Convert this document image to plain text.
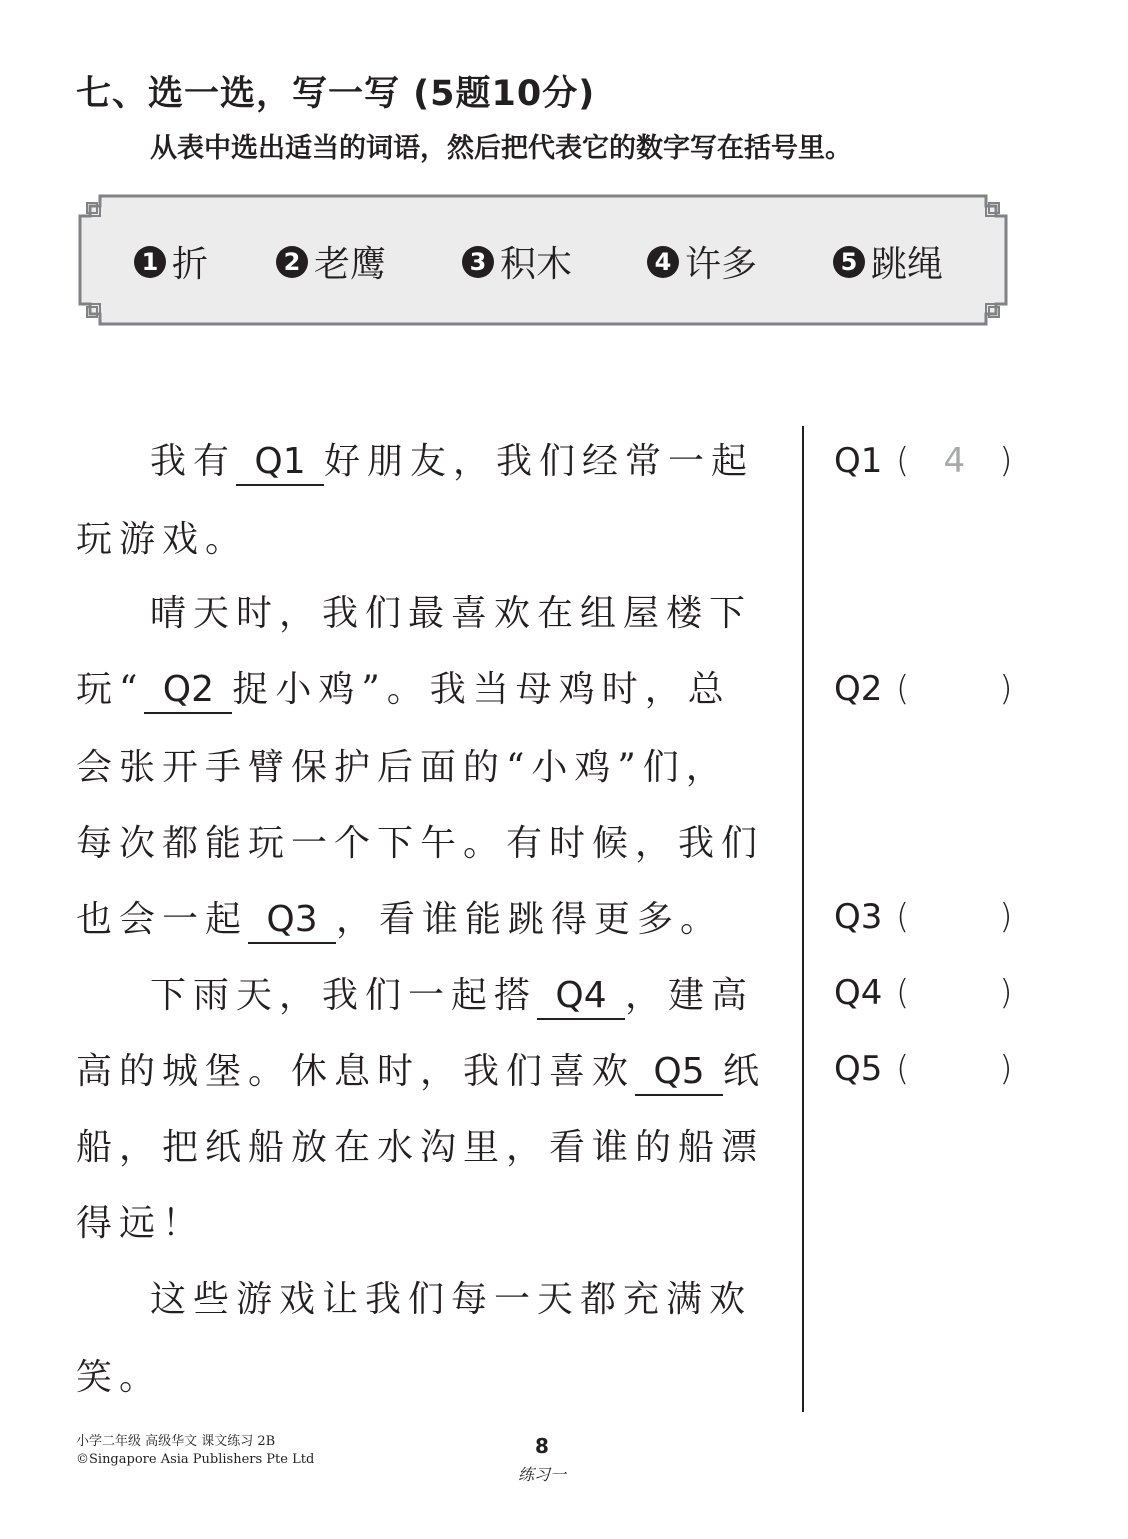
七、选一选，写一写 (5题10分)
从表中选出适当的词语，然后把代表它的数字写在括号里。
1 折	2 老鹰	3 积木	4 许多	5 跳绳
我有 Q1 好朋友，我们经常一起
玩游戏。
晴天时，我们最喜欢在组屋楼下
玩“ Q2 捉小鸡”。我当母鸡时，总
会张开手臂保护后面的“小鸡”们，
每次都能玩一个下午。有时候，我们
也会一起 Q3 ，看谁能跳得更多。
下雨天，我们一起搭 Q4 ，建高
高的城堡。休息时，我们喜欢 Q5 纸
船，把纸船放在水沟里，看谁的船漂
得远！
这些游戏让我们每一天都充满欢
笑。
Q1 ( 4 )
Q2 (	)
Q3 (	)
Q4 (	)
Q5 (	)
小学二年级 高级华文 课文练习 2B
©Singapore Asia Publishers Pte Ltd
8
练习一
